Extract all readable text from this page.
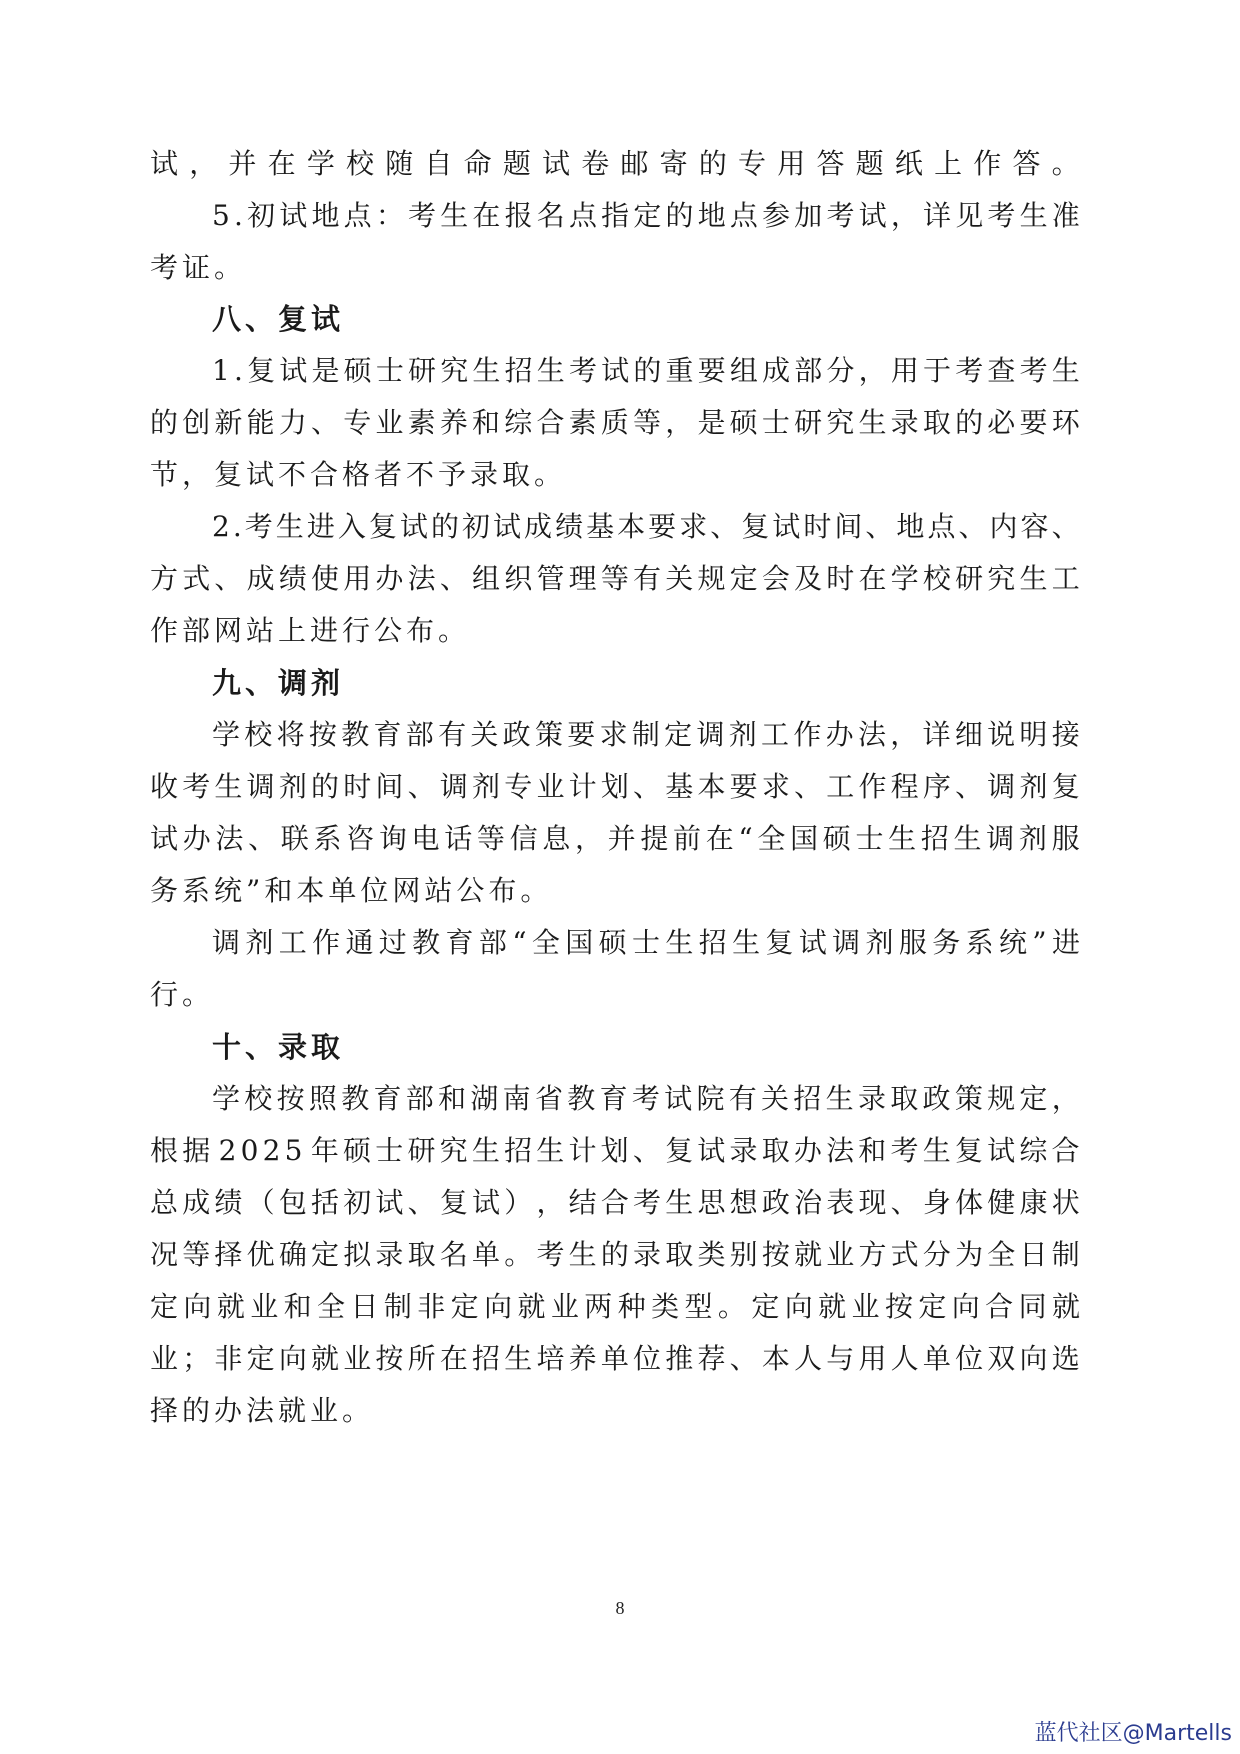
试 ， 并 在 学 校 随 自 命 题 试 卷 邮 寄 的 专 用 答 题 纸 上 作 答 。
5 . 初 试 地 点 ： 考 生 在 报 名 点 指 定 的 地 点 参 加 考 试 ， 详 见 考 生 准
考证。
八、复试
1 . 复 试 是 硕 士 研 究 生 招 生 考 试 的 重 要 组 成 部 分 ， 用 于 考 查 考 生
的 创 新 能 力 、 专 业 素 养 和 综 合 素 质 等 ， 是 硕 士 研 究 生 录 取 的 必 要 环
节，复试不合格者不予录取。
2 . 考 生 进 入 复 试 的 初 试 成 绩 基 本 要 求 、 复 试 时 间 、 地 点 、 内 容 、
方 式 、 成 绩 使 用 办 法 、 组 织 管 理 等 有 关 规 定 会 及 时 在 学 校 研 究 生 工
作部网站上进行公布。
九、调剂
学 校 将 按 教 育 部 有 关 政 策 要 求 制 定 调 剂 工 作 办 法 ， 详 细 说 明 接
收 考 生 调 剂 的 时 间 、 调 剂 专 业 计 划 、 基 本 要 求 、 工 作 程 序 、 调 剂 复
试 办 法 、 联 系 咨 询 电 话 等 信 息 ， 并 提 前 在 “ 全 国 硕 士 生 招 生 调 剂 服
务系统”和本单位网站公布。
调 剂 工 作 通 过 教 育 部 “ 全 国 硕 士 生 招 生 复 试 调 剂 服 务 系 统 ” 进
行。
十、录取
学 校 按 照 教 育 部 和 湖 南 省 教 育 考 试 院 有 关 招 生 录 取 政 策 规 定 ，
根 据 2 0 2 5 年 硕 士 研 究 生 招 生 计 划 、 复 试 录 取 办 法 和 考 生 复 试 综 合
总 成 绩 （ 包 括 初 试 、 复 试 ） ， 结 合 考 生 思 想 政 治 表 现 、 身 体 健 康 状
况 等 择 优 确 定 拟 录 取 名 单 。 考 生 的 录 取 类 别 按 就 业 方 式 分 为 全 日 制
定 向 就 业 和 全 日 制 非 定 向 就 业 两 种 类 型 。 定 向 就 业 按 定 向 合 同 就
业 ； 非 定 向 就 业 按 所 在 招 生 培 养 单 位 推 荐 、 本 人 与 用 人 单 位 双 向 选
择的办法就业。
8
蓝代社区@Martells
